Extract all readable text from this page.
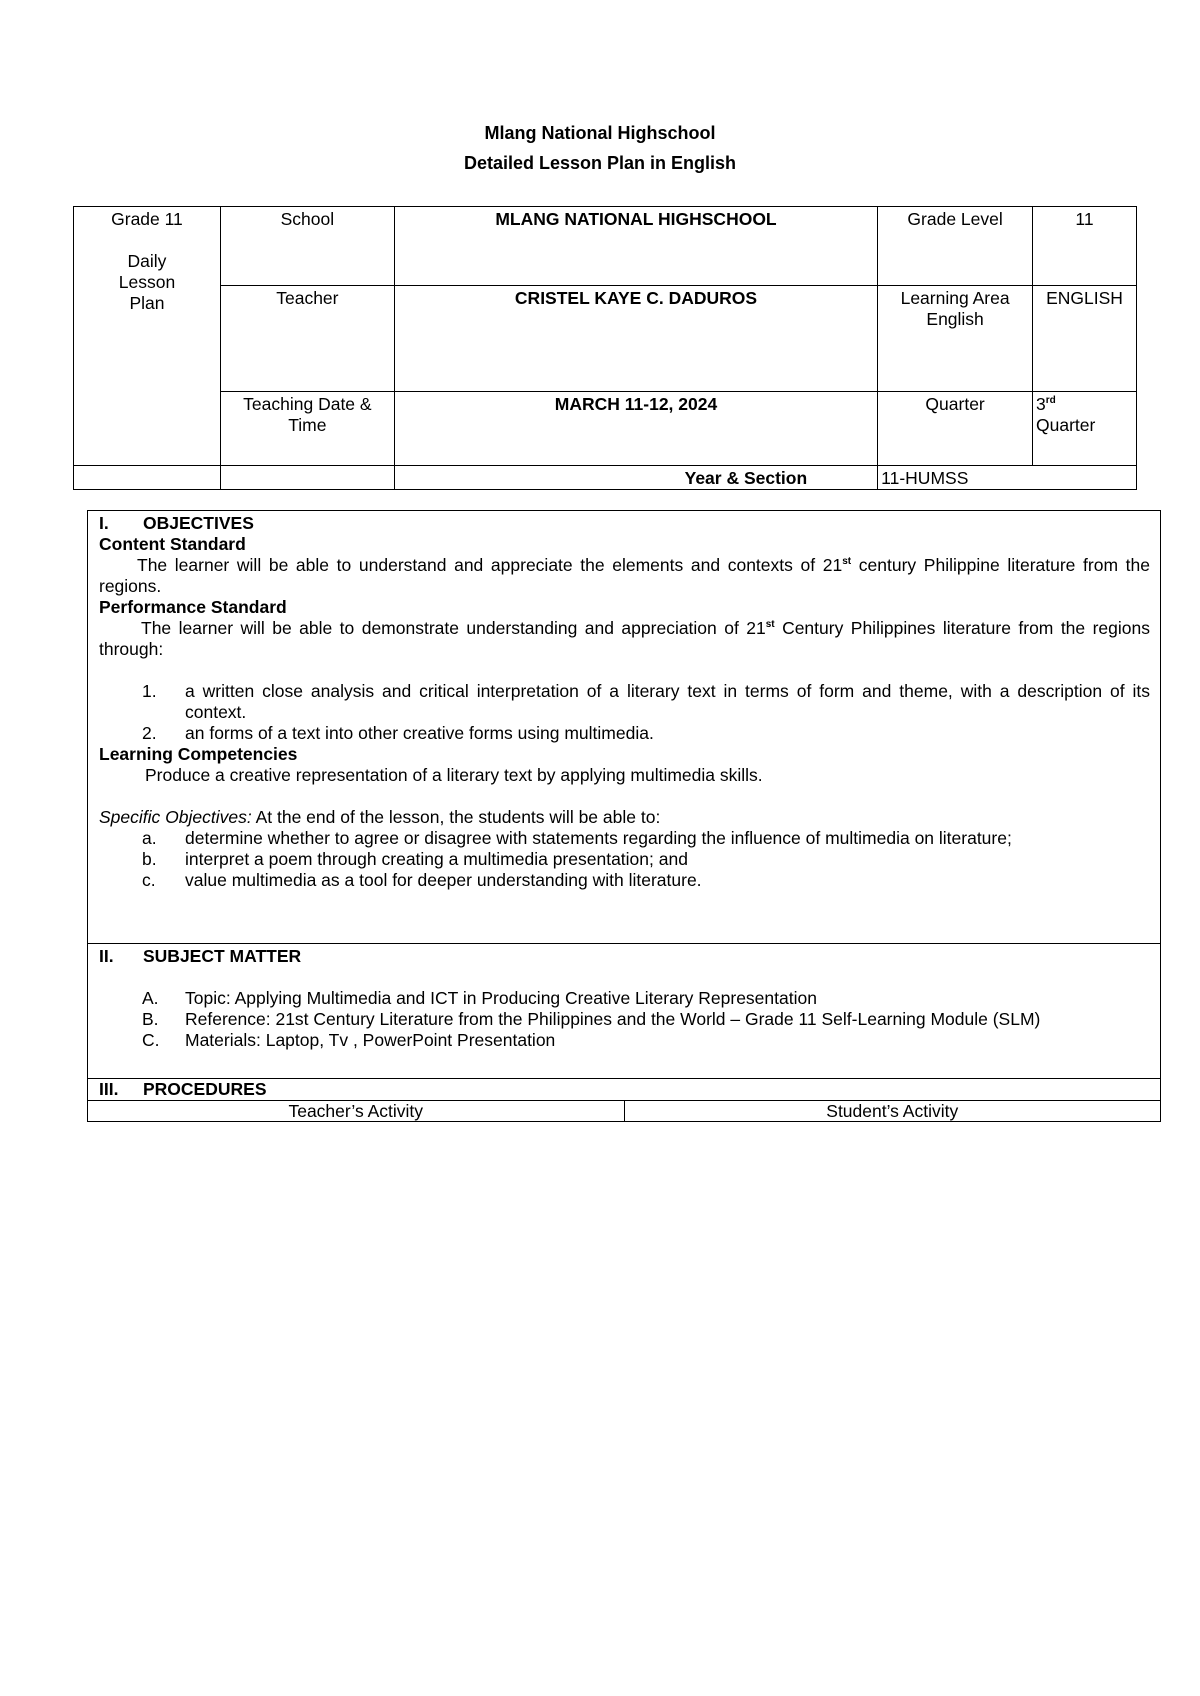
Mlang National Highschool
Detailed Lesson Plan in English
Grade 11
Daily Lesson Plan	School	MLANG NATIONAL HIGHSCHOOL	Grade Level	11
	Teacher	CRISTEL KAYE C. DADUROS	Learning Area English	ENGLISH
	Teaching Date & Time	MARCH 11-12, 2024	Quarter	3rd
Quarter
		Year & Section	11-HUMSS	
I. OBJECTIVES
Content Standard
The learner will be able to understand and appreciate the elements and contexts of 21st century Philippine literature from the regions.
Performance Standard
The learner will be able to demonstrate understanding and appreciation of 21st Century Philippines literature from the regions through:
1. a written close analysis and critical interpretation of a literary text in terms of form and theme, with a description of its context.
2. an forms of a text into other creative forms using multimedia.
Learning Competencies
Produce a creative representation of a literary text by applying multimedia skills.
Specific Objectives: At the end of the lesson, the students will be able to:
a. determine whether to agree or disagree with statements regarding the influence of multimedia on literature;
b. interpret a poem through creating a multimedia presentation; and
c. value multimedia as a tool for deeper understanding with literature.
II. SUBJECT MATTER
A. Topic: Applying Multimedia and ICT in Producing Creative Literary Representation
B. Reference: 21st Century Literature from the Philippines and the World – Grade 11 Self-Learning Module (SLM)
C. Materials: Laptop, Tv , PowerPoint Presentation
III. PROCEDURES
Teacher’s Activity	Student’s Activity
